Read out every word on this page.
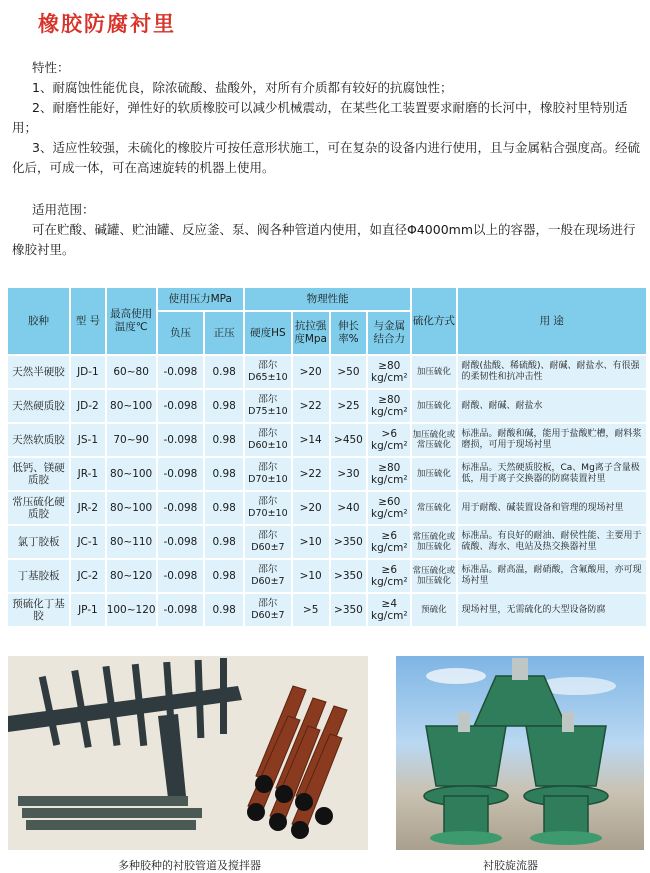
橡胶防腐衬里
特性：
1、耐腐蚀性能优良，除浓硫酸、盐酸外，对所有介质都有较好的抗腐蚀性；
2、耐磨性能好，弹性好的软质橡胶可以减少机械震动，在某些化工装置要求耐磨的长河中，橡胶衬里特别适用；
3、适应性较强，未硫化的橡胶片可按任意形状施工，可在复杂的设备内进行使用，且与金属粘合强度高。经硫化后，可成一体，可在高速旋转的机器上使用。
适用范围：
可在贮酸、碱罐、贮油罐、反应釜、泵、阀各种管道内使用，如直径Φ4000mm以上的容器，一般在现场进行橡胶衬里。
胶种	型 号	最高使用温度℃	使用压力MPa		物理性能				硫化方式	用 途
			负压	正压	硬度HS	抗拉强度Mpa	伸长率%	与金属结合力		
天然半硬胶	JD-1	60~80	-0.098	0.98	邵尔D65±10	>20	>50	≥80 kg/cm²	加压硫化	耐酸(盐酸、稀硫酸)、耐碱、耐盐水、有很强的柔韧性和抗冲击性
天然硬质胶	JD-2	80~100	-0.098	0.98	邵尔D75±10	>22	>25	≥80 kg/cm²	加压硫化	耐酸、耐碱、耐盐水
天然软质胶	JS-1	70~90	-0.098	0.98	邵尔D60±10	>14	>450	>6 kg/cm²	加压硫化或常压硫化	标准品。耐酸和碱，能用于盐酸贮槽，耐料浆磨损，可用于现场衬里
低钙、镁硬质胶	JR-1	80~100	-0.098	0.98	邵尔D70±10	>22	>30	≥80 kg/cm²	加压硫化	标准品。天然硬质胶板，Ca、Mg离子含量极低，用于离子交换器的防腐装置衬里
常压硫化硬质胶	JR-2	80~100	-0.098	0.98	邵尔D70±10	>20	>40	≥60 kg/cm²	常压硫化	用于耐酸、碱装置设备和管理的现场衬里
氯丁胶板	JC-1	80~110	-0.098	0.98	邵尔D60±7	>10	>350	≥6 kg/cm²	常压硫化或加压硫化	标准品。有良好的耐油、耐侯性能、主要用于硫酸、海水、电站及热交换器衬里
丁基胶板	JC-2	80~120	-0.098	0.98	邵尔D60±7	>10	>350	≥6 kg/cm²	常压硫化或加压硫化	标准品。耐高温，耐硝酸，含氟酸用，亦可现场衬里
预硫化丁基胶	JP-1	100~120	-0.098	0.98	邵尔D60±7	>5	>350	≥4 kg/cm²	预硫化	现场衬里，无需硫化的大型设备防腐
多种胶种的衬胶管道及搅拌器	衬胶旋流器
